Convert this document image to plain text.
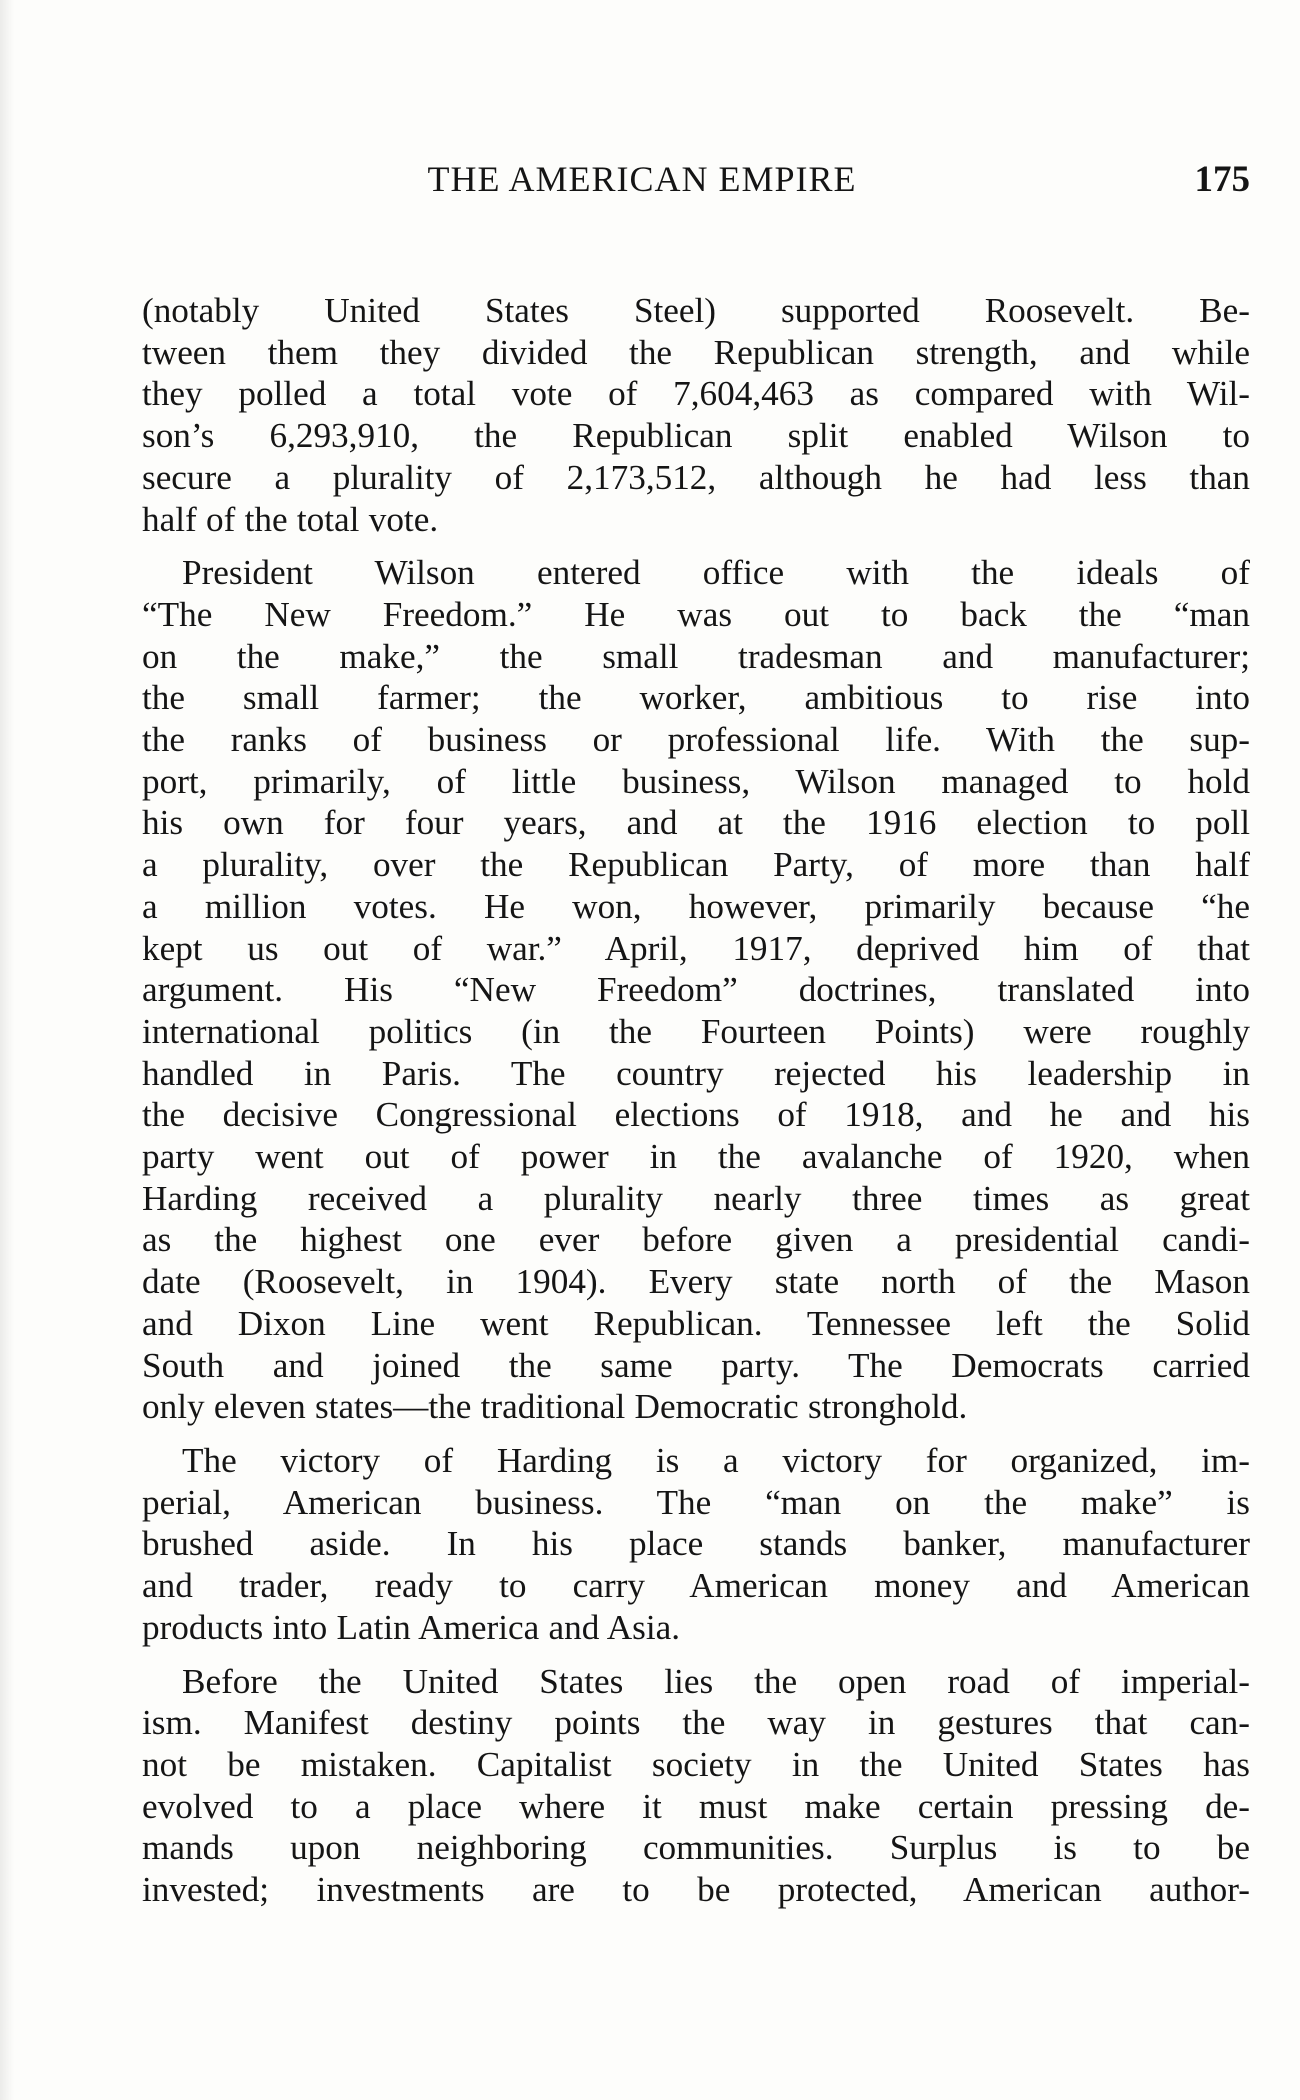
THE AMERICAN EMPIRE	175

(notably United States Steel) supported Roosevelt. Be-
tween them they divided the Republican strength, and while
they polled a total vote of 7,604,463 as compared with Wil-
son’s 6,293,910, the Republican split enabled Wilson to
secure a plurality of 2,173,512, although he had less than
half of the total vote.

President Wilson entered office with the ideals of
“The New Freedom.” He was out to back the “man
on the make,” the small tradesman and manufacturer;
the small farmer; the worker, ambitious to rise into
the ranks of business or professional life. With the sup-
port, primarily, of little business, Wilson managed to hold
his own for four years, and at the 1916 election to poll
a plurality, over the Republican Party, of more than half
a million votes. He won, however, primarily because “he
kept us out of war.” April, 1917, deprived him of that
argument. His “New Freedom” doctrines, translated into
international politics (in the Fourteen Points) were roughly
handled in Paris. The country rejected his leadership in
the decisive Congressional elections of 1918, and he and his
party went out of power in the avalanche of 1920, when
Harding received a plurality nearly three times as great
as the highest one ever before given a presidential candi-
date (Roosevelt, in 1904). Every state north of the Mason
and Dixon Line went Republican. Tennessee left the Solid
South and joined the same party. The Democrats carried
only eleven states—the traditional Democratic stronghold.

The victory of Harding is a victory for organized, im-
perial, American business. The “man on the make” is
brushed aside. In his place stands banker, manufacturer
and trader, ready to carry American money and American
products into Latin America and Asia.

Before the United States lies the open road of imperial-
ism. Manifest destiny points the way in gestures that can-
not be mistaken. Capitalist society in the United States has
evolved to a place where it must make certain pressing de-
mands upon neighboring communities. Surplus is to be
invested; investments are to be protected, American author-
